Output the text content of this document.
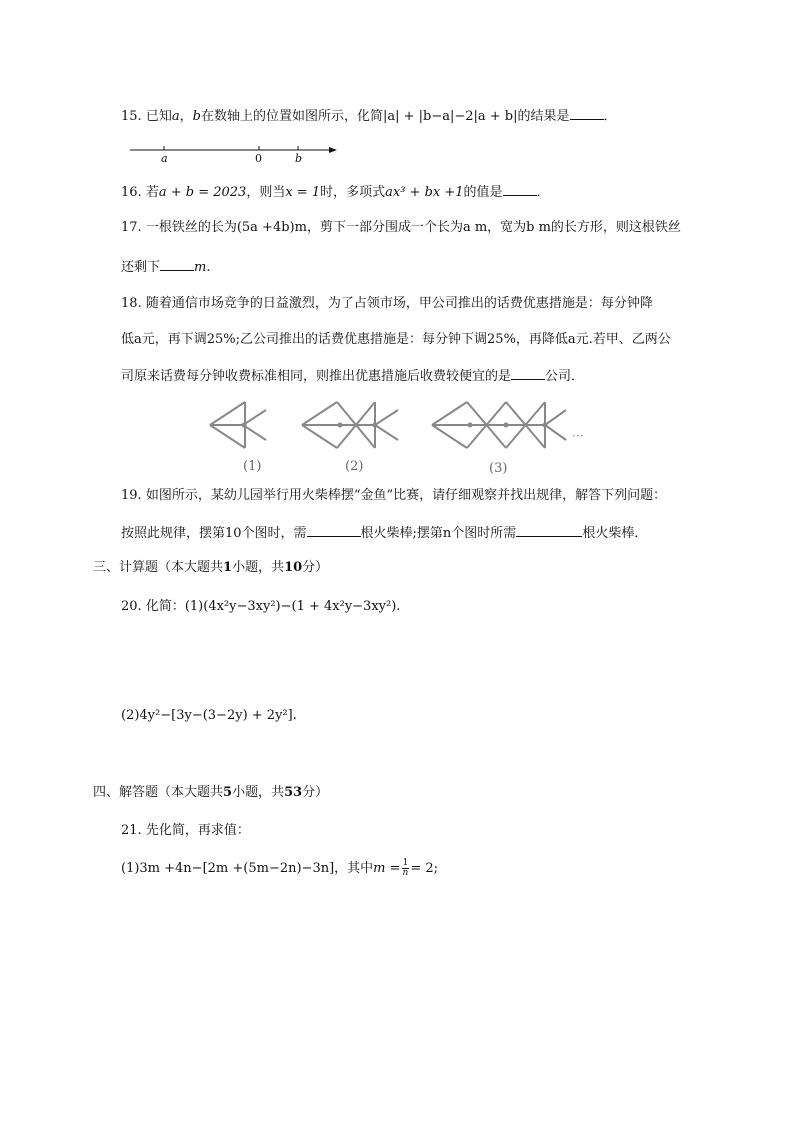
15. 已知a，b在数轴上的位置如图所示，化简|a| + |b−a|−2|a + b|的结果是	．
a	0	b
16. 若a + b = 2023，则当x = 1时，多项式ax³ + bx +1的值是	．
17. 一根铁丝的长为(5a +4b)m，剪下一部分围成一个长为a m，宽为b m的长方形，则这根铁丝
还剩下	m.
18. 随着通信市场竞争的日益激烈，为了占领市场，甲公司推出的话费优惠措施是：每分钟降
低a元，再下调25%;乙公司推出的话费优惠措施是：每分钟下调25%，再降低a元.若甲、乙两公
司原来话费每分钟收费标准相同，则推出优惠措施后收费较便宜的是	公司．
···
(1)	(2)	(3)
19. 如图所示，某幼儿园举行用火柴棒摆“金鱼”比赛，请仔细观察并找出规律，解答下列问题：
按照此规律，摆第10个图时，需	根火柴棒;摆第n个图时所需	根火柴棒．
三、计算题（本大题共1小题，共10分）
20. 化简：(1)(4x²y−3xy²)−(1 + 4x²y−3xy²).
(2)4y²−[3y−(3−2y) + 2y²].
四、解答题（本大题共5小题，共53分）
21. 先化简，再求值：
(1)3m +4n−[2m +(5m−2n)−3n]，其中$m = \frac{1}{n} = 2$;
